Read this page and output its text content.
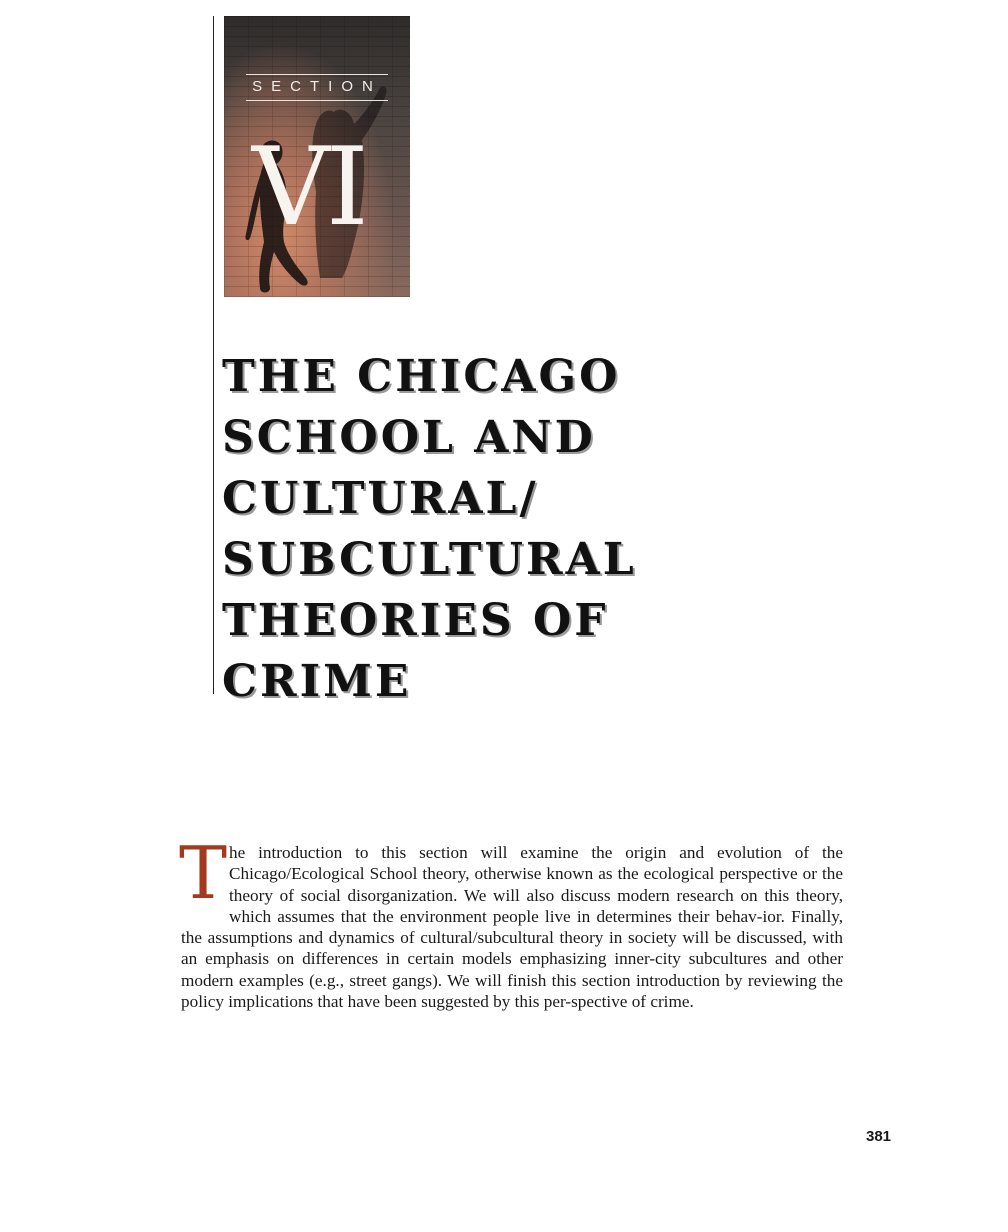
SECTION
VI
THE CHICAGO
SCHOOL AND
CULTURAL/
SUBCULTURAL
THEORIES OF
CRIME

The introduction to this section will examine the origin and evolution of the Chicago/Ecological School theory, otherwise known as the ecological perspective or the theory of social disorganization. We will also discuss modern research on this theory, which assumes that the environment people live in determines their behav-ior. Finally, the assumptions and dynamics of cultural/subcultural theory in society will be discussed, with an emphasis on differences in certain models emphasizing inner-city subcultures and other modern examples (e.g., street gangs). We will finish this section introduction by reviewing the policy implications that have been suggested by this per-spective of crime.

381
